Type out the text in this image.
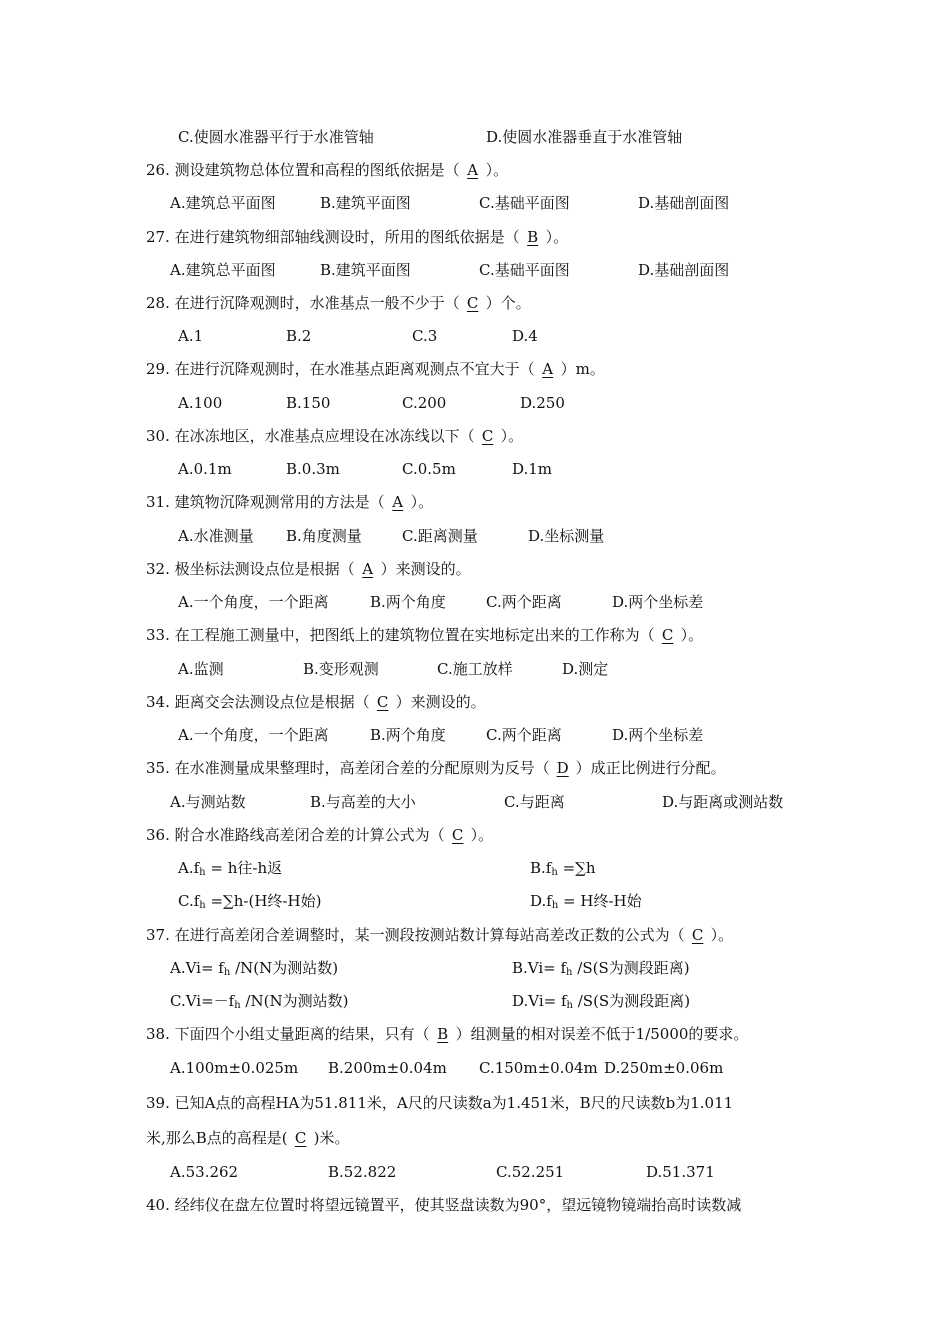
C.使圆水准器平行于水准管轴	D.使圆水准器垂直于水准管轴
26. 测设建筑物总体位置和高程的图纸依据是（ A ）。
A.建筑总平面图	B.建筑平面图	C.基础平面图	D.基础剖面图
27. 在进行建筑物细部轴线测设时，所用的图纸依据是（ B ）。
A.建筑总平面图	B.建筑平面图	C.基础平面图	D.基础剖面图
28. 在进行沉降观测时，水准基点一般不少于（ C ）个。
A.1	B.2	C.3	D.4
29. 在进行沉降观测时，在水准基点距离观测点不宜大于（ A ）m。
A.100	B.150	C.200	D.250
30. 在冰冻地区，水准基点应埋设在冰冻线以下（ C ）。
A.0.1m	B.0.3m	C.0.5m	D.1m
31. 建筑物沉降观测常用的方法是（ A ）。
A.水准测量 B.角度测量	C.距离测量	D.坐标测量
32. 极坐标法测设点位是根据（ A ）来测设的。
A.一个角度，一个距离	B.两个角度	C.两个距离	D.两个坐标差
33. 在工程施工测量中，把图纸上的建筑物位置在实地标定出来的工作称为（ C ）。
A.监测	B.变形观测	C.施工放样	D.测定
34. 距离交会法测设点位是根据（ C ）来测设的。
A.一个角度，一个距离	B.两个角度	C.两个距离	D.两个坐标差
35. 在水准测量成果整理时，高差闭合差的分配原则为反号（ D ）成正比例进行分配。
A.与测站数	B.与高差的大小	C.与距离	D.与距离或测站数
36. 附合水准路线高差闭合差的计算公式为（ C ）。
$A.f_h = h$往-h返	$B.f_h =\sum h$
$C.f_h =\sum h-(H$终-H始)	$D.f_h = H$终-H始
37. 在进行高差闭合差调整时，某一测段按测站数计算每站高差改正数的公式为（ C ）。
$A.Vi= f_h$ /N(N为测站数)	$B.Vi= f_h$ /S(S为测段距离)
$C.Vi=-f_h$ /N(N为测站数)	$D.Vi= f_h$ /S(S为测段距离)
38. 下面四个小组丈量距离的结果，只有（ B ）组测量的相对误差不低于1/5000的要求。
A.100m±0.025m B.200m±0.04m C.150m±0.04m D.250m±0.06m
39. 已知A点的高程HA为51.811米，A尺的尺读数a为1.451米，B尺的尺读数b为1.011
米,那么B点的高程是( C )米。
A.53.262	B.52.822	C.52.251	D.51.371
40. 经纬仪在盘左位置时将望远镜置平，使其竖盘读数为90°，望远镜物镜端抬高时读数减
